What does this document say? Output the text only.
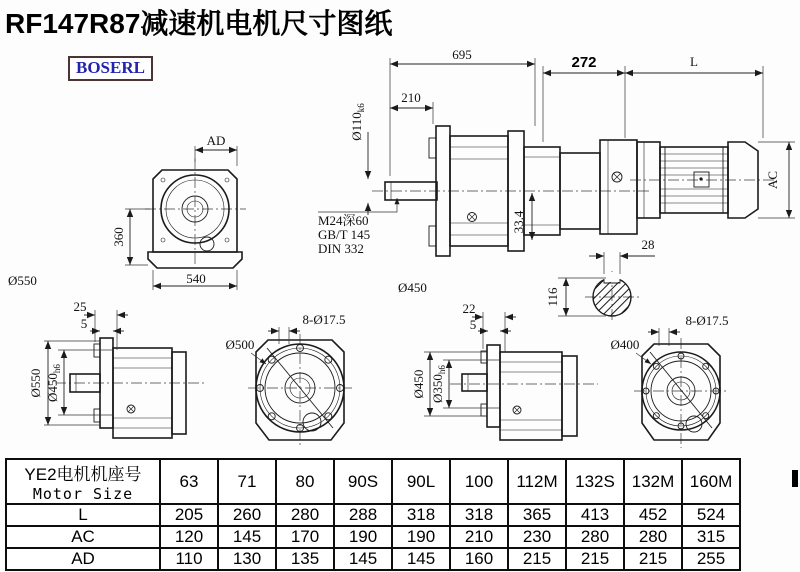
RF147R87减速机电机尺寸图纸
BOSERL
AD
360
540
Ø550
695
210
$Ø110_{k6}$
272	L
33.4
M24深60
GB/T 145
DIN 332
AC
28
116
Ø450
25
5
Ø550 $Ø450_{h6}$
8-Ø17.5
Ø500
22
5
Ø450 $Ø350_{h6}$
8-Ø17.5
Ø400
YE2电机机座号
Motor Size	63	71	80	90S	90L	100	112M	132S	132M	160M
L	205	260	280	288	318	318	365	413	452	524
AC	120	145	170	190	190	210	230	280	280	315
AD	110	130	135	145	145	160	215	215	215	255
